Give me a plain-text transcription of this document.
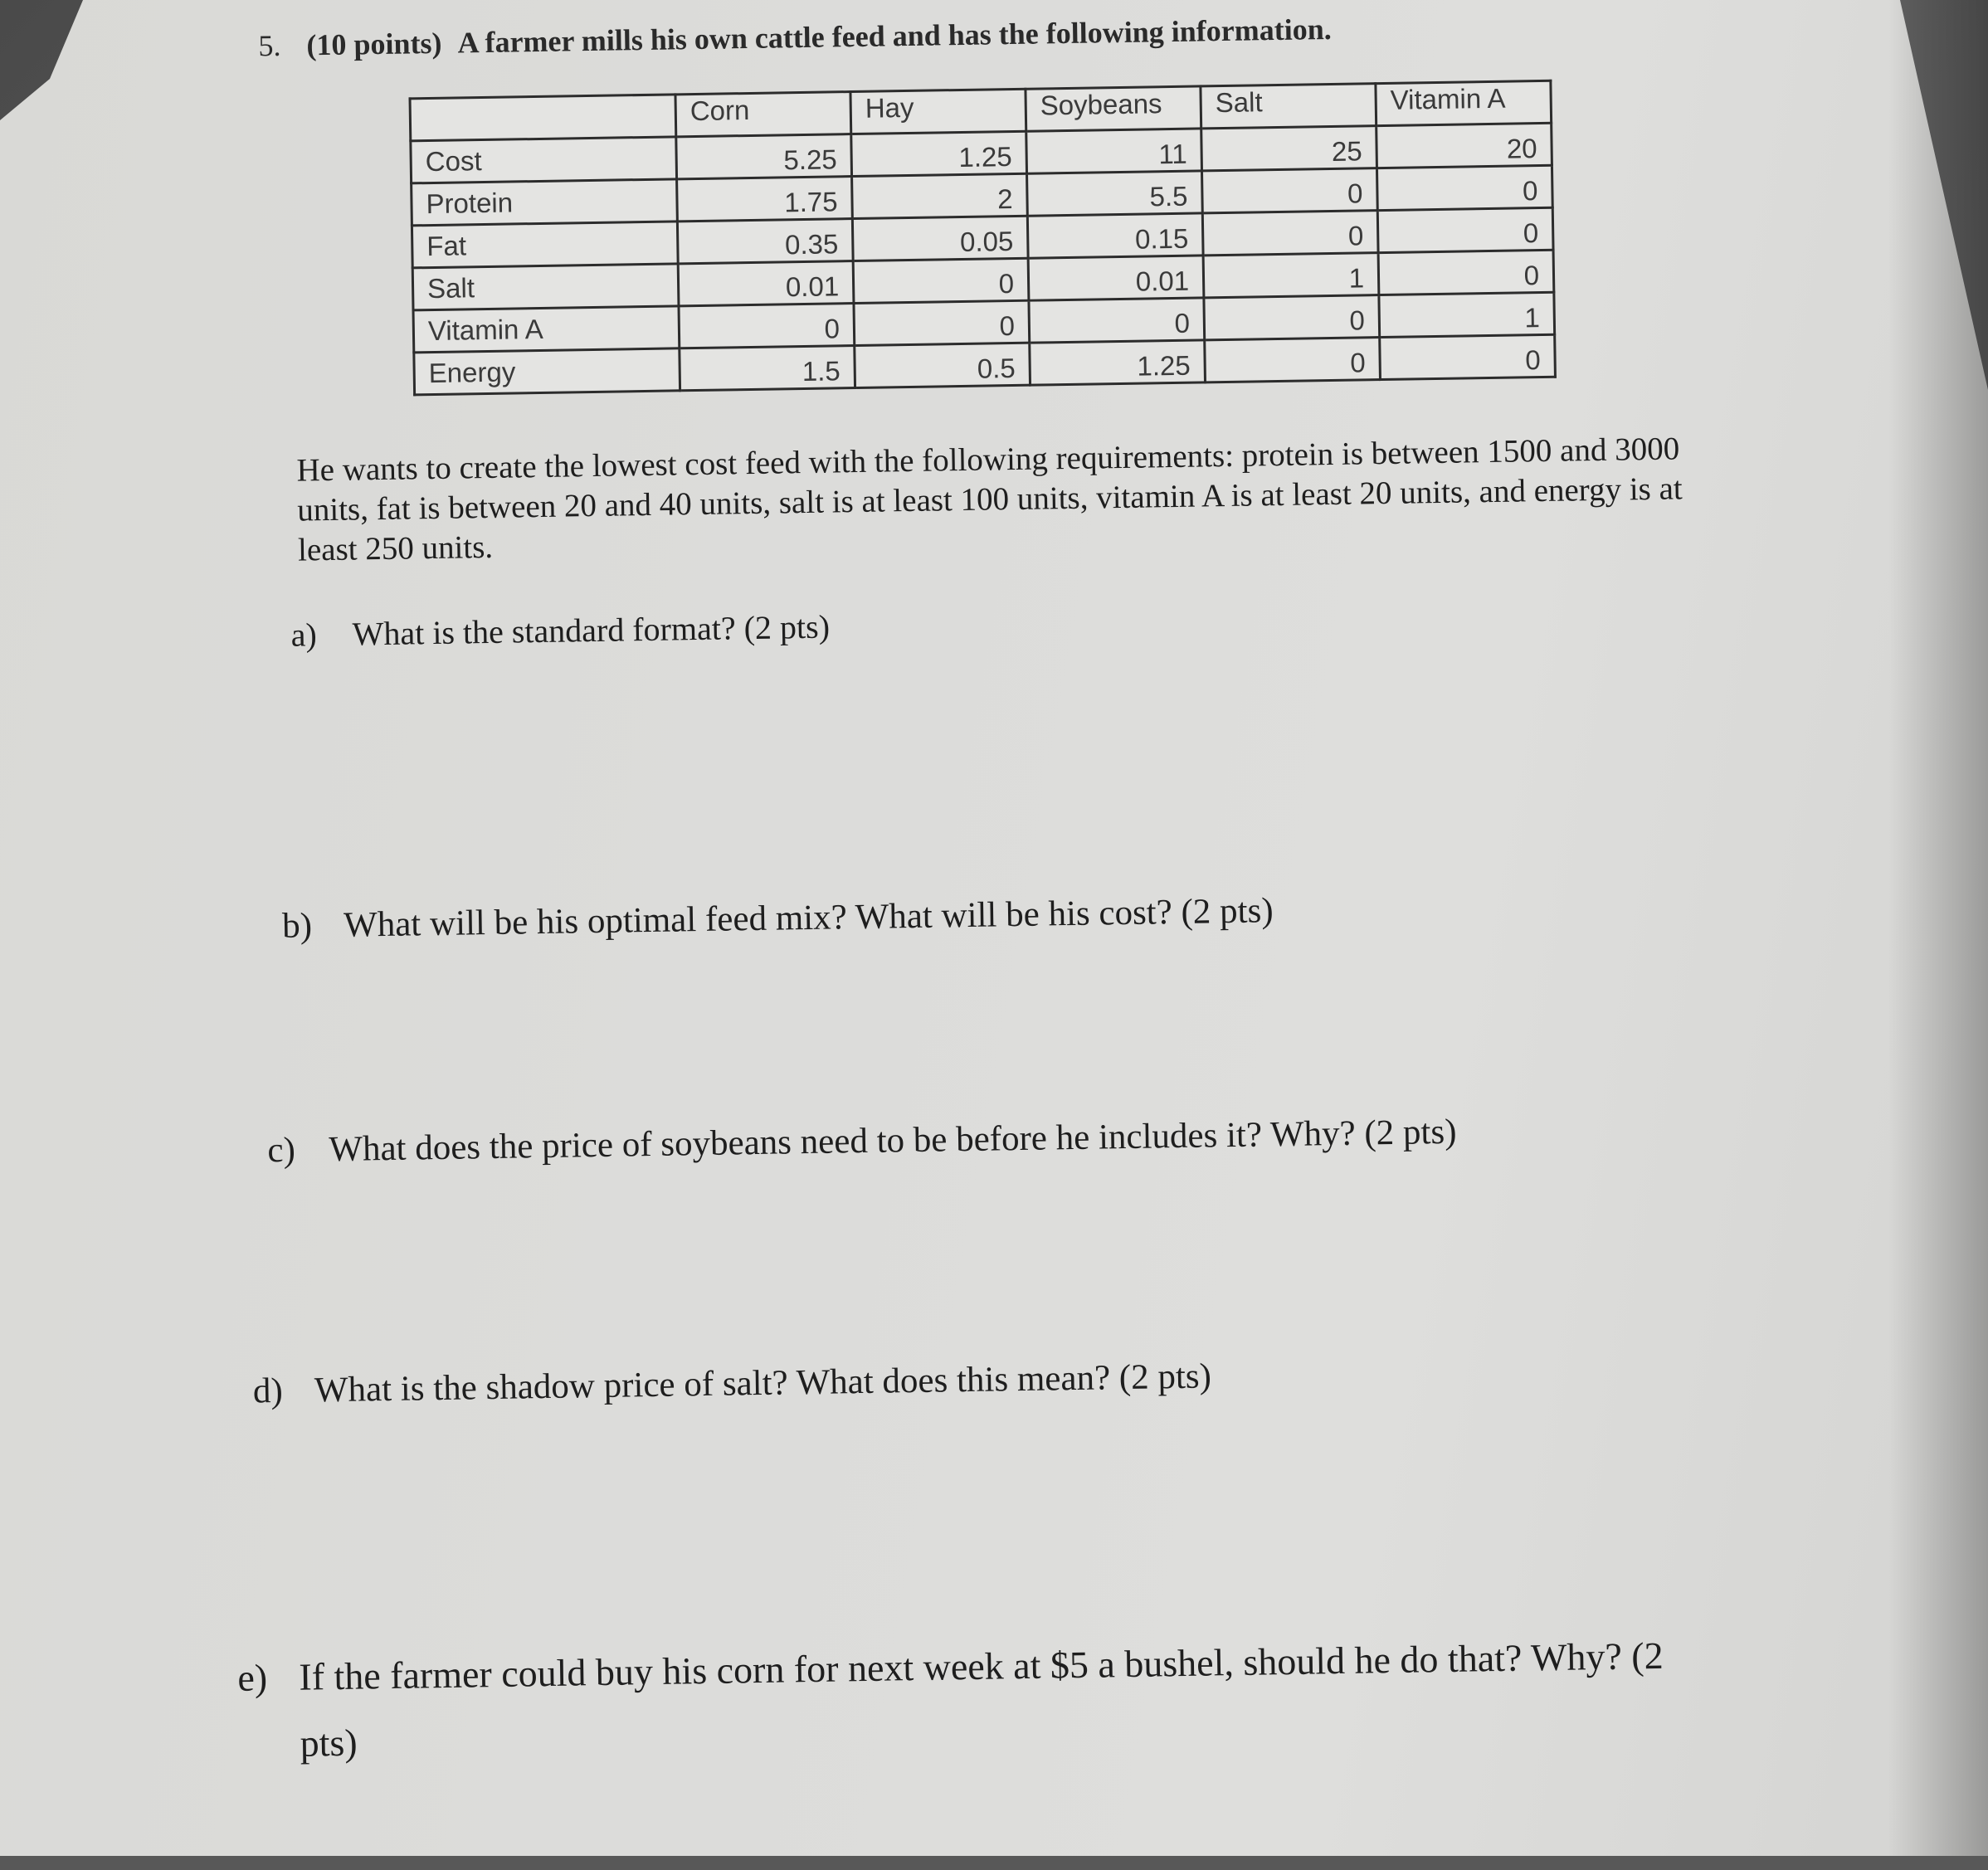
5. (10 points) A farmer mills his own cattle feed and has the following information.
	Corn	Hay	Soybeans	Salt	Vitamin A
Cost	5.25	1.25	11	25	20
Protein	1.75	2	5.5	0	0
Fat	0.35	0.05	0.15	0	0
Salt	0.01	0	0.01	1	0
Vitamin A	0	0	0	0	1
Energy	1.5	0.5	1.25	0	0
He wants to create the lowest cost feed with the following requirements: protein is between 1500 and 3000 units, fat is between 20 and 40 units, salt is at least 100 units, vitamin A is at least 20 units, and energy is at least 250 units.
a) What is the standard format? (2 pts)
b) What will be his optimal feed mix? What will be his cost? (2 pts)
c) What does the price of soybeans need to be before he includes it? Why? (2 pts)
d) What is the shadow price of salt? What does this mean? (2 pts)
e) If the farmer could buy his corn for next week at $5 a bushel, should he do that? Why? (2
pts)
